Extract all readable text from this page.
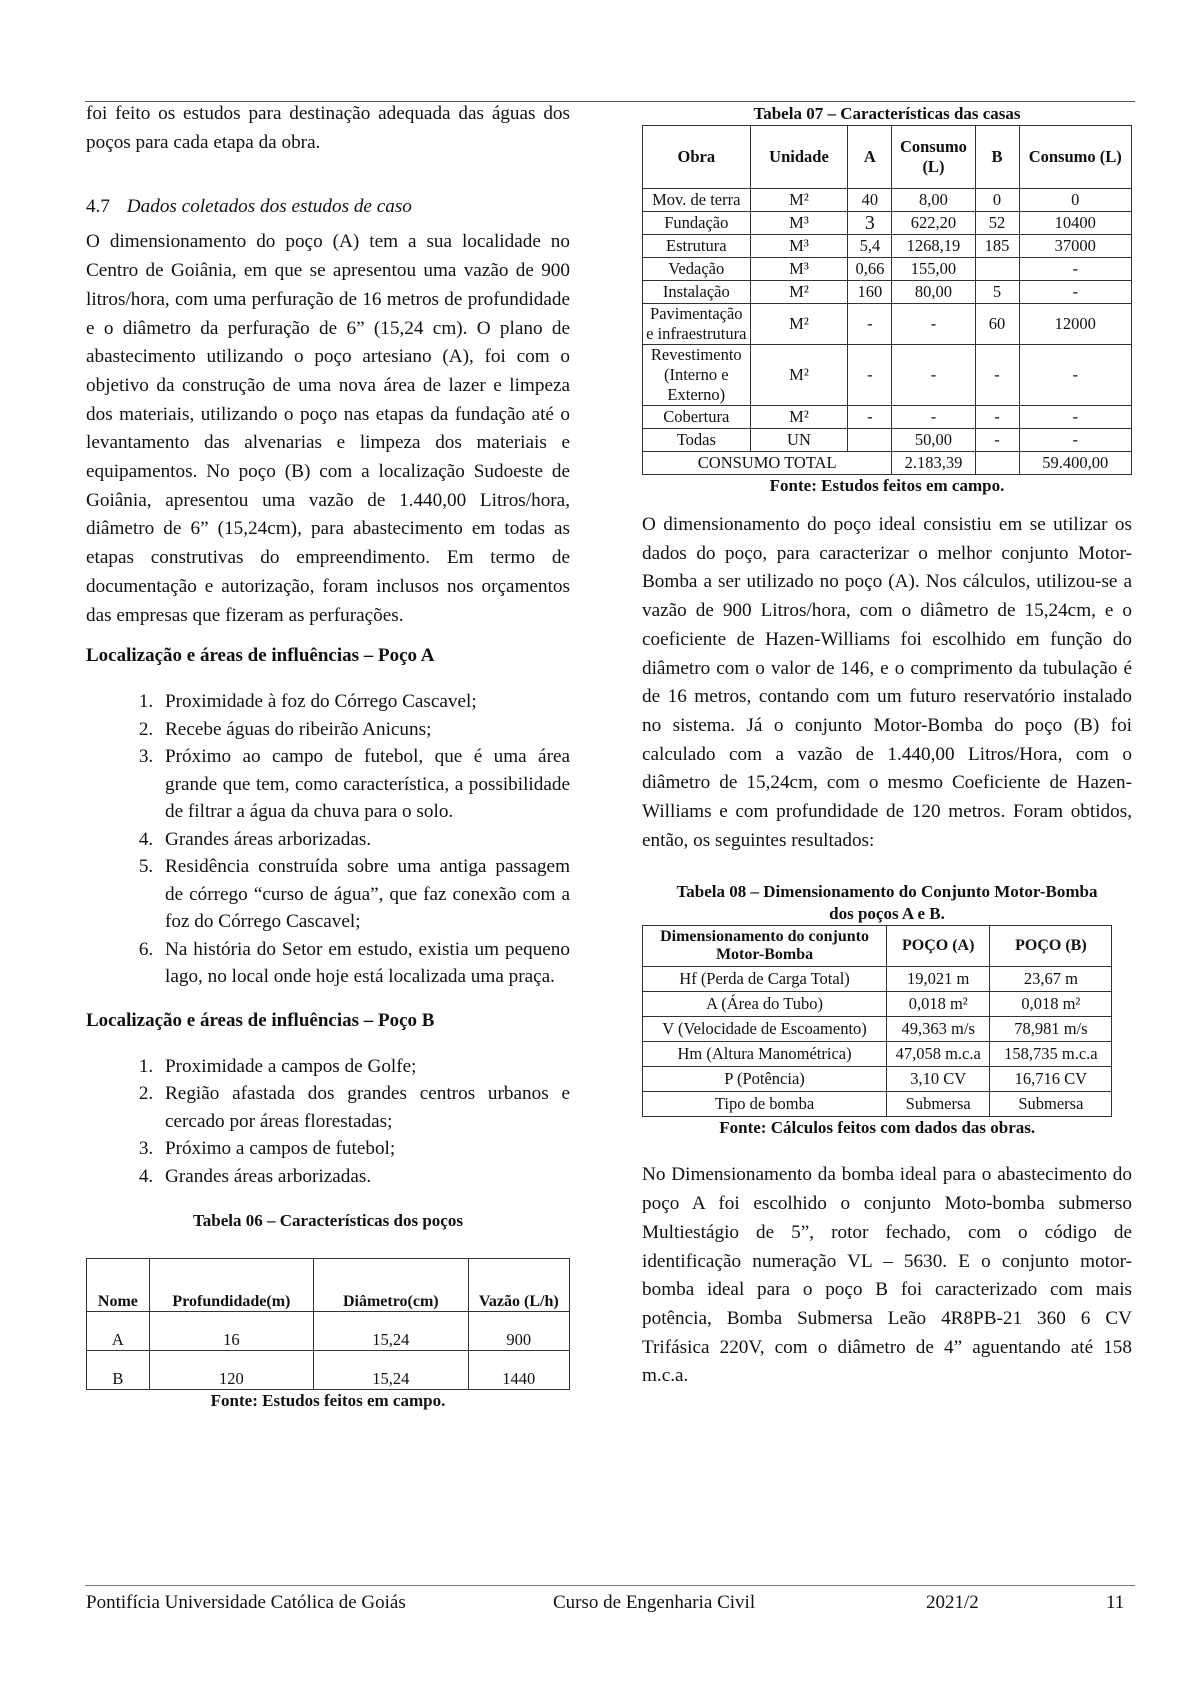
foi feito os estudos para destinação adequada das águas dos poços para cada etapa da obra.

4.7 Dados coletados dos estudos de caso

O dimensionamento do poço (A) tem a sua localidade no Centro de Goiânia, em que se apresentou uma vazão de 900 litros/hora, com uma perfuração de 16 metros de profundidade e o diâmetro da perfuração de 6” (15,24 cm). O plano de abastecimento utilizando o poço artesiano (A), foi com o objetivo da construção de uma nova área de lazer e limpeza dos materiais, utilizando o poço nas etapas da fundação até o levantamento das alvenarias e limpeza dos materiais e equipamentos. No poço (B) com a localização Sudoeste de Goiânia, apresentou uma vazão de 1.440,00 Litros/hora, diâmetro de 6” (15,24cm), para abastecimento em todas as etapas construtivas do empreendimento. Em termo de documentação e autorização, foram inclusos nos orçamentos das empresas que fizeram as perfurações.

Localização e áreas de influências – Poço A
1. Proximidade à foz do Córrego Cascavel;
2. Recebe águas do ribeirão Anicuns;
3. Próximo ao campo de futebol, que é uma área grande que tem, como característica, a possibilidade de filtrar a água da chuva para o solo.
4. Grandes áreas arborizadas.
5. Residência construída sobre uma antiga passagem de córrego “curso de água”, que faz conexão com a foz do Córrego Cascavel;
6. Na história do Setor em estudo, existia um pequeno lago, no local onde hoje está localizada uma praça.
Localização e áreas de influências – Poço B
1. Proximidade a campos de Golfe;
2. Região afastada dos grandes centros urbanos e cercado por áreas florestadas;
3. Próximo a campos de futebol;
4. Grandes áreas arborizadas.
Tabela 06 – Características dos poços
Nome	Profundidade(m)	Diâmetro(cm)	Vazão (L/h)
A	16	15,24	900
B	120	15,24	1440
Fonte: Estudos feitos em campo.
Tabela 07 – Características das casas
Obra	Unidade	A	Consumo (L)	B	Consumo (L)
Mov. de terra	M²	40	8,00	0	0
Fundação	M³	3	622,20	52	10400
Estrutura	M³	5,4	1268,19	185	37000
Vedação	M³	0,66	155,00		-
Instalação	M²	160	80,00	5	-
Pavimentação e infraestrutura	M²	-	-	60	12000
Revestimento (Interno e Externo)	M²	-	-	-	-
Cobertura	M²	-	-	-	-
Todas	UN		50,00	-	-
CONSUMO TOTAL			2.183,39		59.400,00
Fonte: Estudos feitos em campo.

O dimensionamento do poço ideal consistiu em se utilizar os dados do poço, para caracterizar o melhor conjunto Motor-Bomba a ser utilizado no poço (A). Nos cálculos, utilizou-se a vazão de 900 Litros/hora, com o diâmetro de 15,24cm, e o coeficiente de Hazen-Williams foi escolhido em função do diâmetro com o valor de 146, e o comprimento da tubulação é de 16 metros, contando com um futuro reservatório instalado no sistema. Já o conjunto Motor-Bomba do poço (B) foi calculado com a vazão de 1.440,00 Litros/Hora, com o diâmetro de 15,24cm, com o mesmo Coeficiente de Hazen-Williams e com profundidade de 120 metros. Foram obtidos, então, os seguintes resultados:

Tabela 08 – Dimensionamento do Conjunto Motor-Bomba dos poços A e B.
Dimensionamento do conjunto Motor-Bomba	POÇO (A)	POÇO (B)
Hf (Perda de Carga Total)	19,021 m	23,67 m
A (Área do Tubo)	0,018 m²	0,018 m²
V (Velocidade de Escoamento)	49,363 m/s	78,981 m/s
Hm (Altura Manométrica)	47,058 m.c.a	158,735 m.c.a
P (Potência)	3,10 CV	16,716 CV
Tipo de bomba	Submersa	Submersa
Fonte: Cálculos feitos com dados das obras.

No Dimensionamento da bomba ideal para o abastecimento do poço A foi escolhido o conjunto Moto-bomba submerso Multiestágio de 5”, rotor fechado, com o código de identificação numeração VL – 5630. E o conjunto motor-bomba ideal para o poço B foi caracterizado com mais potência, Bomba Submersa Leão 4R8PB-21 360 6 CV Trifásica 220V, com o diâmetro de 4” aguentando até 158 m.c.a.

Pontifícia Universidade Católica de Goiás	Curso de Engenharia Civil	2021/2	11
